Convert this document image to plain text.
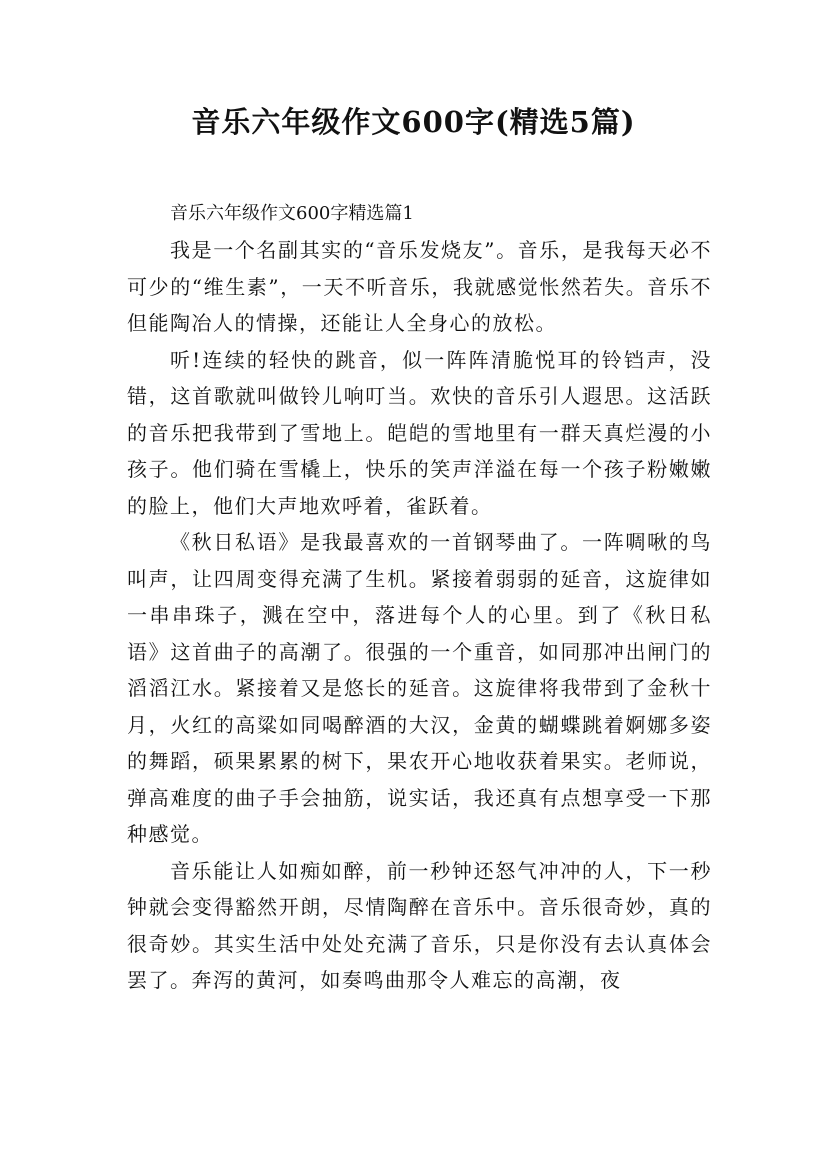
音乐六年级作文600字(精选5篇)

音乐六年级作文600字精选篇1

我是一个名副其实的“音乐发烧友”。音乐，是我每天必不可少的“维生素”，一天不听音乐，我就感觉怅然若失。音乐不但能陶冶人的情操，还能让人全身心的放松。

听!连续的轻快的跳音，似一阵阵清脆悦耳的铃铛声，没错，这首歌就叫做铃儿响叮当。欢快的音乐引人遐思。这活跃的音乐把我带到了雪地上。皑皑的雪地里有一群天真烂漫的小孩子。他们骑在雪橇上，快乐的笑声洋溢在每一个孩子粉嫩嫩的脸上，他们大声地欢呼着，雀跃着。

《秋日私语》是我最喜欢的一首钢琴曲了。一阵啁啾的鸟叫声，让四周变得充满了生机。紧接着弱弱的延音，这旋律如一串串珠子，溅在空中，落进每个人的心里。到了《秋日私语》这首曲子的高潮了。很强的一个重音，如同那冲出闸门的滔滔江水。紧接着又是悠长的延音。这旋律将我带到了金秋十月，火红的高粱如同喝醉酒的大汉，金黄的蝴蝶跳着婀娜多姿的舞蹈，硕果累累的树下，果农开心地收获着果实。老师说，弹高难度的曲子手会抽筋，说实话，我还真有点想享受一下那种感觉。

音乐能让人如痴如醉，前一秒钟还怒气冲冲的人，下一秒钟就会变得豁然开朗，尽情陶醉在音乐中。音乐很奇妙，真的很奇妙。其实生活中处处充满了音乐，只是你没有去认真体会罢了。奔泻的黄河，如奏鸣曲那令人难忘的高潮，夜
